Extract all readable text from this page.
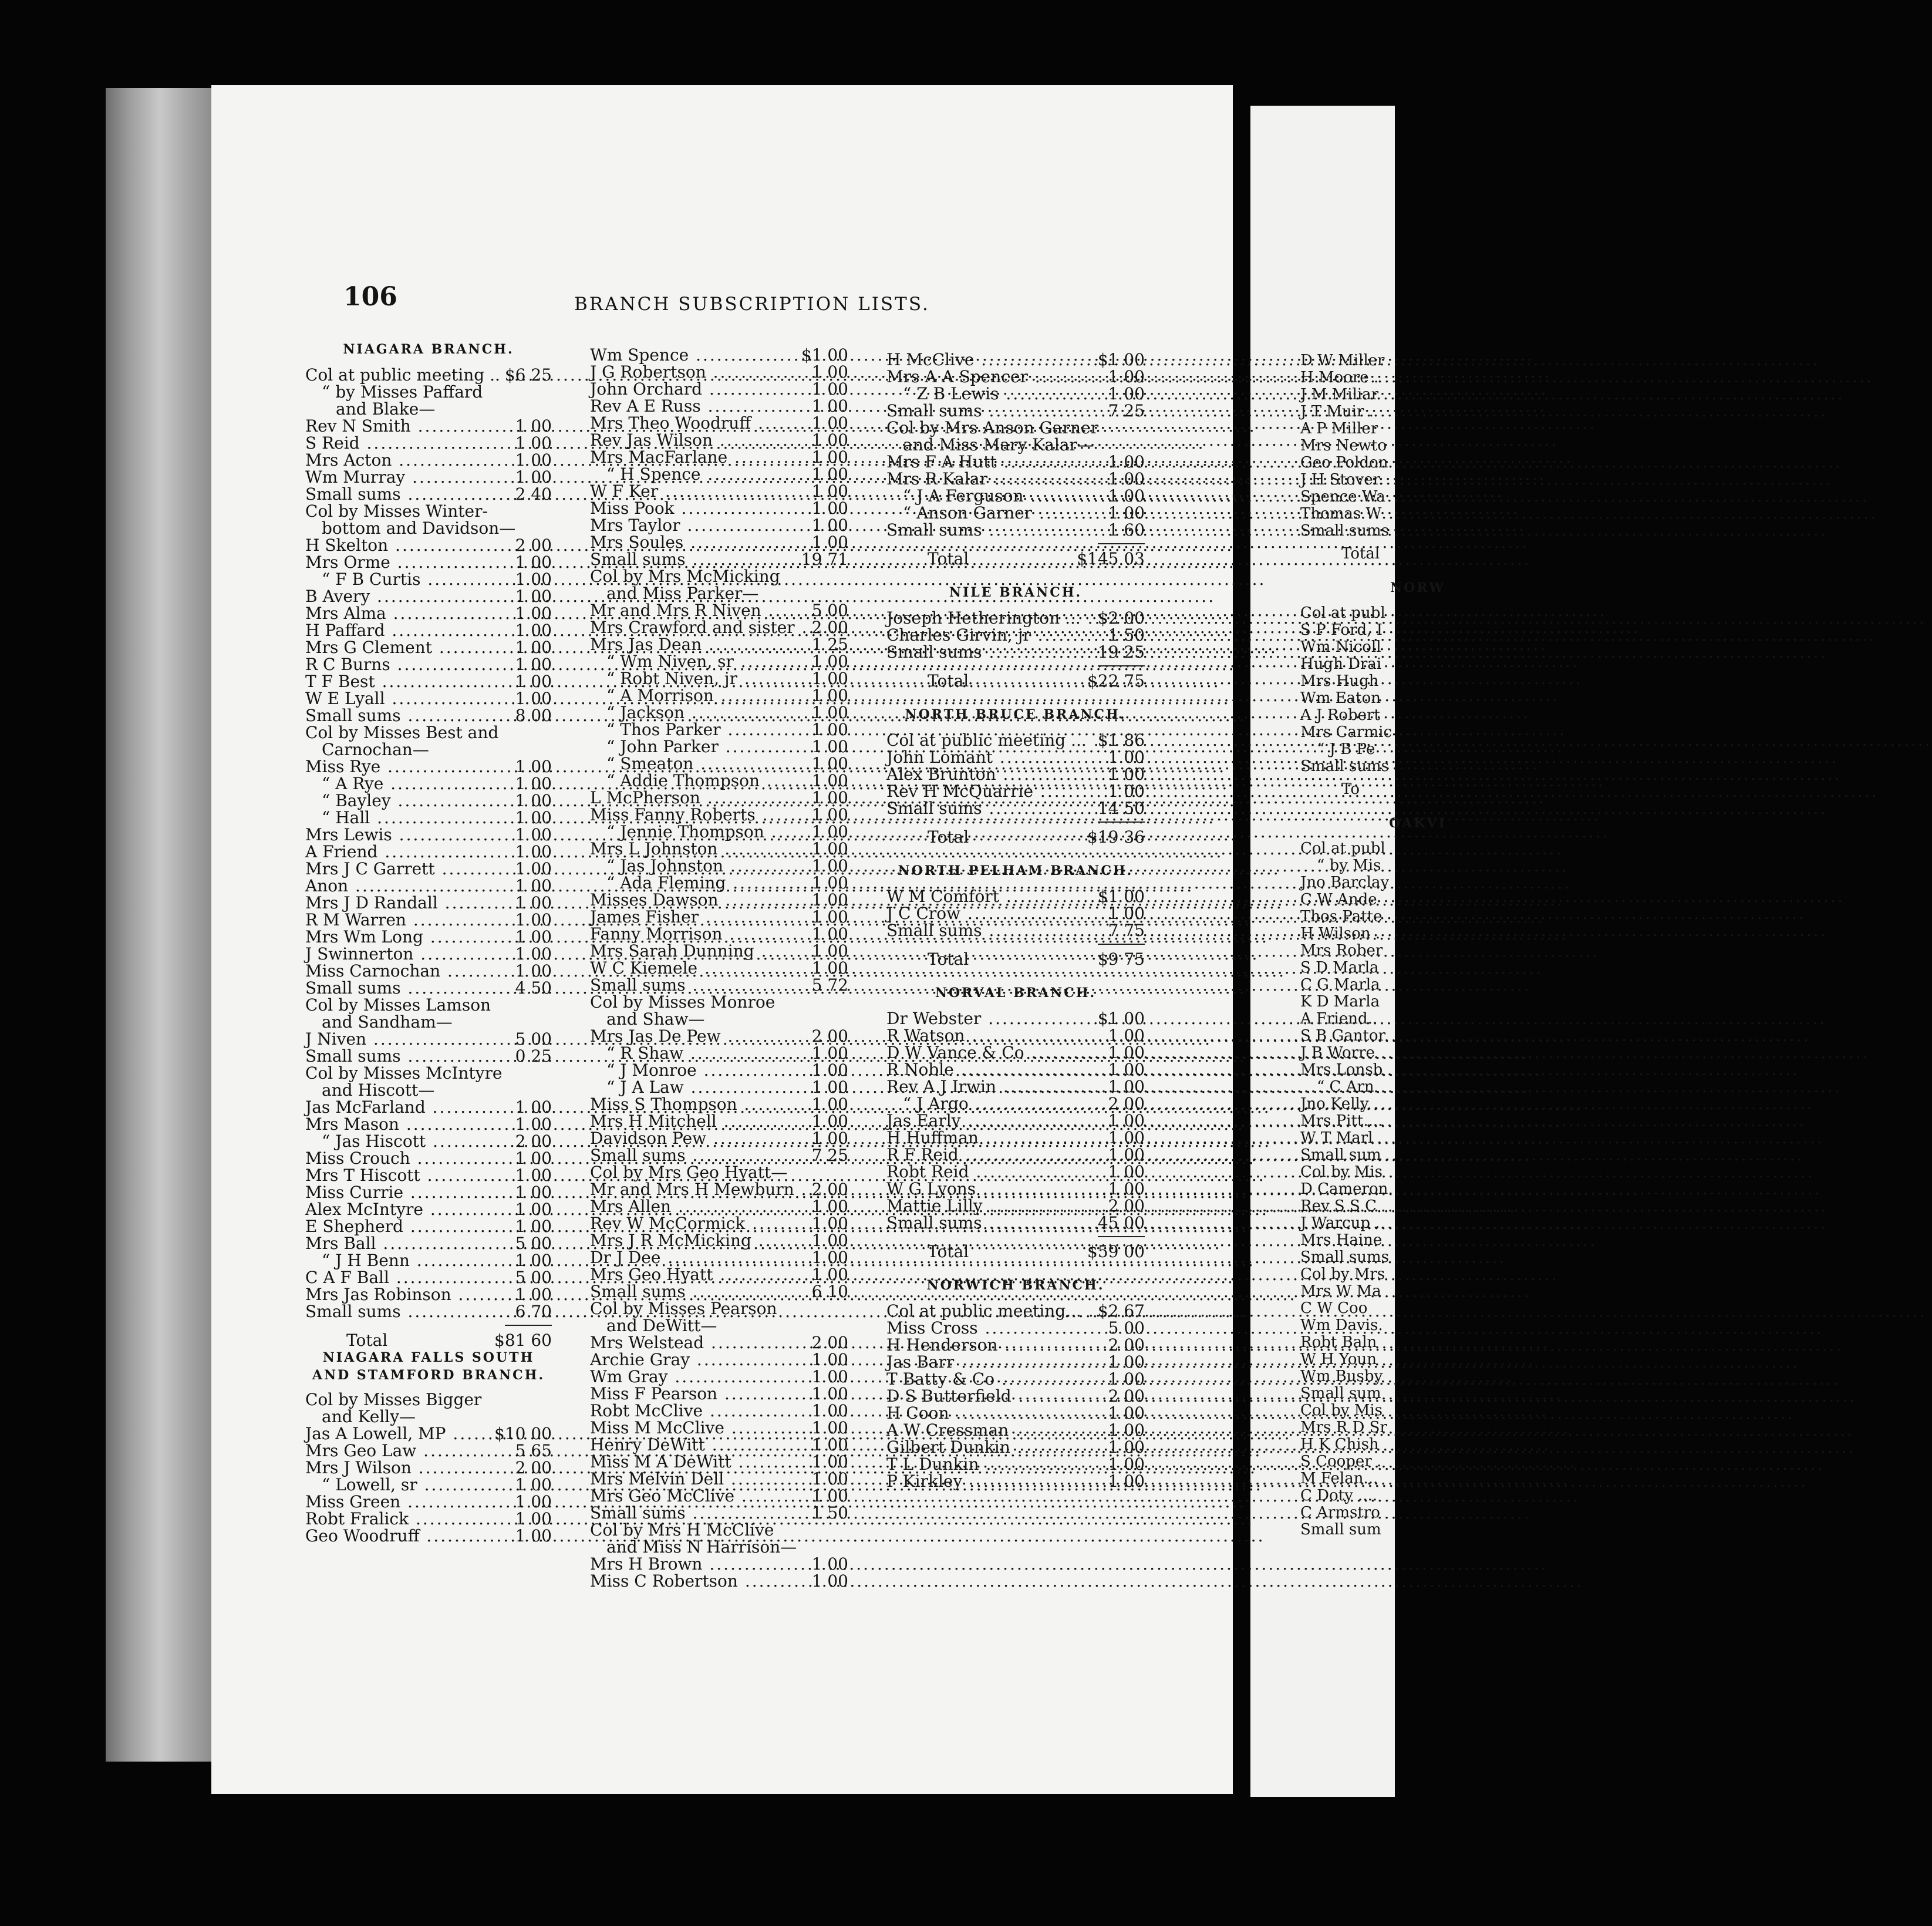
D W Miller
H Moore .
J M Miliar
J T Muir .
A P Miller
Mrs Newto
Geo Poldon
J H Stover.
Spence Wa
Thomas W
Small sums
Total
NORW
Col at publ
S P Ford, I
Wm Nicoll
Hugh Drai
Mrs Hugh
Wm Eaton
A J Robert
Mrs Carmic
“ J B Pe
Small sums
To
OAKVI
Col at publ
“ by Mis
Jno Barclay
C W Ande
Thos Patte
H Wilson .
Mrs Rober
S D Marla
C G Marla
K D Marla
A Friend..
S B Gantor
J B Worre
Mrs Lonsb
“ C Arn
Jno Kelly .
Mrs Pitt....
W T Marl
Small sum
Col by Mis
D Cameron
Rev S S C
J Warcup .
Mrs Haine
Small sums
Col by Mrs
Mrs W Ma
C W Coo
Wm Davis.
Robt Baln
W H Youn
Wm Busby
Small sum
Col by Mis
Mrs R D Sr
H K Chish
S Cooper .
M Felan...
C Doty ....
C Armstro
Small sum
106	BRANCH SUBSCRIPTION LISTS.
NIAGARA BRANCH.
Col at public meeting .. ..... $6 25
“ by Misses Paffard
and Blake—
Rev N Smith .....	1 00
S Reid .....	1 00
Mrs Acton .....	1 00
Wm Murray .....	1 00
Small sums .....	2 40
Col by Misses Winter-
bottom and Davidson—
H Skelton .....	2 00
Mrs Orme .....	1 00
“ F B Curtis .....	1 00
B Avery .....	1 00
Mrs Alma .....	1 00
H Paffard .....	1 00
Mrs G Clement .....	1 00
R C Burns .....	1 00
T F Best .....	1 00
W E Lyall .....	1 00
Small sums .....	8 00
Col by Misses Best and
Carnochan—
Miss Rye .....	1 00
“ A Rye .....	1 00
“ Bayley .....	1 00
“ Hall .....	1 00
Mrs Lewis .....	1 00
A Friend .....	1 00
Mrs J C Garrett .....	1 00
Anon .....	1 00
Mrs J D Randall .....	1 00
R M Warren .....	1 00
Mrs Wm Long .....	1 00
J Swinnerton .....	1 00
Miss Carnochan .....	1 00
Small sums .....	4 50
Col by Misses Lamson
and Sandham—
J Niven .....	5 00
Small sums .....	0 25
Col by Misses McIntyre
and Hiscott—
Jas McFarland .....	1 00
Mrs Mason .....	1 00
“ Jas Hiscott .....	2 00
Miss Crouch .....	1 00
Mrs T Hiscott .....	1 00
Miss Currie .....	1 00
Alex McIntyre .....	1 00
E Shepherd .....	1 00
Mrs Ball .....	5 00
“ J H Benn .....	1 00
C A F Ball .....	5 00
Mrs Jas Robinson .....	1 00
Small sums .....	6 70
Total	$81 60
NIAGARA FALLS SOUTH AND STAMFORD BRANCH.
Col by Misses Bigger
and Kelly—
Jas A Lowell, MP .....	$10 00
Mrs Geo Law .....	5 65
Mrs J Wilson .....	2 00
“ Lowell, sr .....	1 00
Miss Green .....	1 00
Robt Fralick .....	1 00
Geo Woodruff .....	1 00
Wm Spence .....	$1 00
J G Robertson .....	1 00
John Orchard .....	1 00
Rev A E Russ .....	1 00
Mrs Theo Woodruff .....	1 00
Rev Jas Wilson .....	1 00
Mrs MacFarlane .....	1 00
“ H Spence .....	1 00
W F Ker .....	1 00
Miss Pook .....	1 00
Mrs Taylor .....	1 00
Mrs Soules .....	1 00
Small sums .....	19 71
Col by Mrs McMicking
and Miss Parker—
Mr and Mrs R Niven .....	5 00
Mrs Crawford and sister .....	2 00
Mrs Jas Dean .....	1 25
“ Wm Niven, sr .....	1 00
“ Robt Niven, jr .....	1 00
“ A Morrison .....	1 00
“ Jackson .....	1 00
“ Thos Parker .....	1 00
“ John Parker .....	1 00
“ Smeaton .....	1 00
“ Addie Thompson .....	1 00
L McPherson .....	1 00
Miss Fanny Roberts .....	1 00
“ Jennie Thompson .....	1 00
Mrs L Johnston .....	1 00
“ Jas Johnston .....	1 00
“ Ada Fleming .....	1 00
Misses Dawson .....	1 00
James Fisher .....	1 00
Fanny Morrison .....	1 00
Mrs Sarah Dunning .....	1 00
W C Kiemele .....	1 00
Small sums .....	5 72
Col by Misses Monroe
and Shaw—
Mrs Jas De Pew .....	2 00
“ R Shaw .....	1 00
“ J Monroe .....	1 00
“ J A Law .....	1 00
Miss S Thompson .....	1 00
Mrs H Mitchell .....	1 00
Davidson Pew .....	1 00
Small sums .....	7 25
Col by Mrs Geo Hyatt—
Mr and Mrs H Mewburn .....	2 00
Mrs Allen .....	1 00
Rev W McCormick .....	1 00
Mrs J R McMicking .....	1 00
Dr J Dee .....	1 00
Mrs Geo Hyatt .....	1 00
Small sums .....	6 10
Col by Misses Pearson
and DeWitt—
Mrs Welstead .....	2 00
Archie Gray .....	1 00
Wm Gray .....	1 00
Miss F Pearson .....	1 00
Robt McClive .....	1 00
Miss M McClive .....	1 00
Henry DeWitt .....	1 00
Miss M A DeWitt .....	1 00
Mrs Melvin Dell .....	1 00
Mrs Geo McClive .....	1 00
Small sums .....	1 50
Col by Mrs H McClive
and Miss N Harrison—
Mrs H Brown .....	1 00
Miss C Robertson .....	1 00
H McClive .....	$1 00
Mrs A A Spencer .....	1 00
“ Z B Lewis .....	1 00
Small sums .....	7 25
Col by Mrs Anson Garner
and Miss Mary Kalar—
Mrs F A Hutt .....	1 00
Mrs R Kalar .....	1 00
“ J A Ferguson .....	1 00
“ Anson Garner .....	1 00
Small sums .....	1 60
Total	$145 03
NILE BRANCH.
Joseph Hetherington ... .....	$2 00
Charles Girvin, jr .....	1 50
Small sums .....	19 25
Total	$22 75
NORTH BRUCE BRANCH.
Col at public meeting ... ..... $1 86
John Lomant .....	1 00
Alex Brunton .....	1 00
Rev H McQuarrie .....	1 00
Small sums .....	14 50
Total	$19 36
NORTH PELHAM BRANCH.
W M Comfort .....	$1 00
J C Crow .....	1 00
Small sums .....	7 75
Total	$9 75
NORVAL BRANCH.
Dr Webster .....	$1 00
R Watson .....	1 00
D W Vance & Co .....	1 00
R Noble .....	1 00
Rev A J Irwin .....	1 00
“ J Argo .....	2 00
Jas Early .....	1 00
H Huffman .....	1 00
R F Reid .....	1 00
Robt Reid .....	1 00
W G Lyons .....	1 00
Mattie Lilly .....	2 00
Small sums .....	45 00
Total	$59 00
NORWICH BRANCH.
Col at public meeting... ..... $2 67
Miss Cross .....	5 00
H Henderson .....	2 00
Jas Barr .....	1 00
T Batty & Co .....	1 00
D S Butterfield .....	2 00
H Coon .....	1 00
A W Cressman .....	1 00
Gilbert Dunkin .....	1 00
T L Dunkin .....	1 00
P Kirkley .....	1 00
